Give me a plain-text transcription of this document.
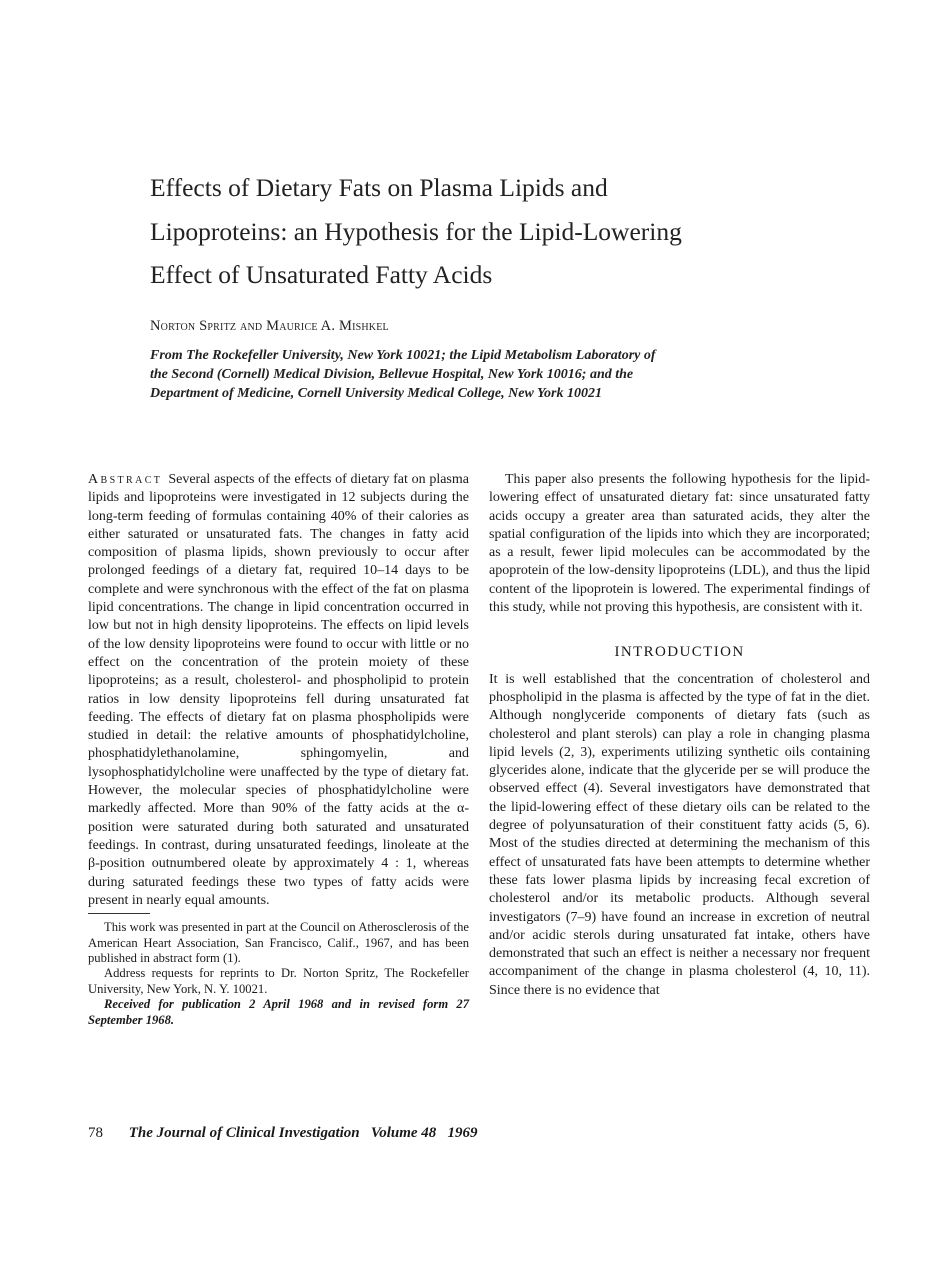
Effects of Dietary Fats on Plasma Lipids and
Lipoproteins: an Hypothesis for the Lipid-Lowering
Effect of Unsaturated Fatty Acids
Norton Spritz and Maurice A. Mishkel
From The Rockefeller University, New York 10021; the Lipid Metabolism Laboratory of the Second (Cornell) Medical Division, Bellevue Hospital, New York 10016; and the Department of Medicine, Cornell University Medical College, New York 10021

Abstract Several aspects of the effects of dietary fat on plasma lipids and lipoproteins were investigated in 12 subjects during the long-term feeding of formulas containing 40% of their calories as either saturated or unsaturated fats. The changes in fatty acid composition of plasma lipids, shown previously to occur after prolonged feedings of a dietary fat, required 10–14 days to be complete and were synchronous with the effect of the fat on plasma lipid concentrations. The change in lipid concentration occurred in low but not in high density lipoproteins. The effects on lipid levels of the low density lipoproteins were found to occur with little or no effect on the concentration of the protein moiety of these lipoproteins; as a result, cholesterol- and phospholipid to protein ratios in low density lipoproteins fell during unsaturated fat feeding. The effects of dietary fat on plasma phospholipids were studied in detail: the relative amounts of phosphatidylcholine, phosphatidylethanolamine, sphingomyelin, and lysophosphatidylcholine were unaffected by the type of dietary fat. However, the molecular species of phosphatidylcholine were markedly affected. More than 90% of the fatty acids at the α-position were saturated during both saturated and unsaturated feedings. In contrast, during unsaturated feedings, linoleate at the β-position outnumbered oleate by approximately 4 : 1, whereas during saturated feedings these two types of fatty acids were present in nearly equal amounts.

This work was presented in part at the Council on Atherosclerosis of the American Heart Association, San Francisco, Calif., 1967, and has been published in abstract form (1).

Address requests for reprints to Dr. Norton Spritz, The Rockefeller University, New York, N. Y. 10021.

Received for publication 2 April 1968 and in revised form 27 September 1968.

This paper also presents the following hypothesis for the lipid-lowering effect of unsaturated dietary fat: since unsaturated fatty acids occupy a greater area than saturated acids, they alter the spatial configuration of the lipids into which they are incorporated; as a result, fewer lipid molecules can be accommodated by the apoprotein of the low-density lipoproteins (LDL), and thus the lipid content of the lipoprotein is lowered. The experimental findings of this study, while not proving this hypothesis, are consistent with it.

INTRODUCTION

It is well established that the concentration of cholesterol and phospholipid in the plasma is affected by the type of fat in the diet. Although nonglyceride components of dietary fats (such as cholesterol and plant sterols) can play a role in changing plasma lipid levels (2, 3), experiments utilizing synthetic oils containing glycerides alone, indicate that the glyceride per se will produce the observed effect (4). Several investigators have demonstrated that the lipid-lowering effect of these dietary oils can be related to the degree of polyunsaturation of their constituent fatty acids (5, 6). Most of the studies directed at determining the mechanism of this effect of unsaturated fats have been attempts to determine whether these fats lower plasma lipids by increasing fecal excretion of cholesterol and/or its metabolic products. Although several investigators (7–9) have found an increase in excretion of neutral and/or acidic sterols during unsaturated fat intake, others have demonstrated that such an effect is neither a necessary nor frequent accompaniment of the change in plasma cholesterol (4, 10, 11). Since there is no evidence that

78 The Journal of Clinical Investigation   Volume 48   1969
